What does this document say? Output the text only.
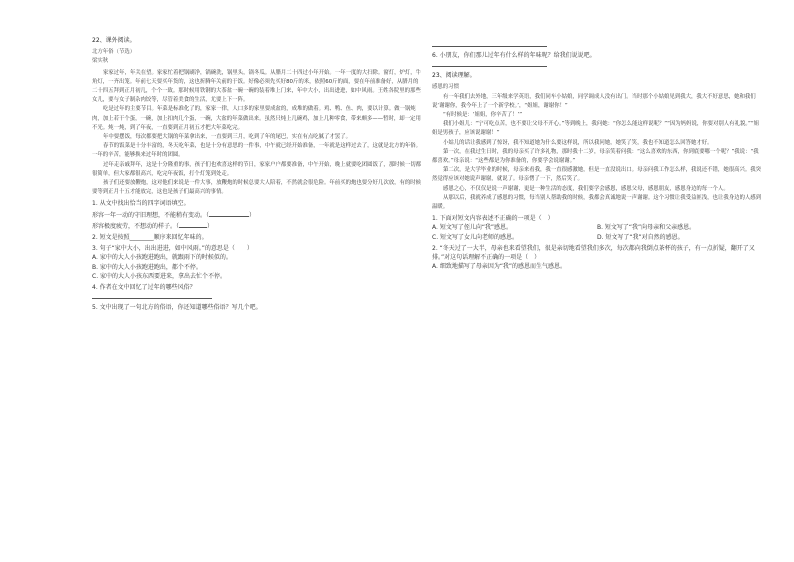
22、课外阅读。

北方年俗（节选）

梁实秋

家家过年，年关在望。家家忙着把锅刷净，锅碗洗，锅里头，锅冬瓜。从腊月二十四过小年开始。一年一度的大扫除。窗灯，炉灯，牛角灯，一齐出笼。年前七天要买年货的，这也折腾年关前的于饭。好像必须先买好80斤的米，依照60斤的面，要在年前准备好，从腊月的二十四五拜到正月初几，个个一致。那时候用铁钢的大茶盆一碗一碗的装着堆上门来，年中大小，出出进进，如中风雨。王姓各院里的那些女儿，要与女子制杂肉饺等，尽管着美食的生活，尤要上下一阵。

吃是过年的主要节目。年菜是标准化了的，家家一律，人口多的家里要成盆的，成堆的做着。鸡、鸭、鱼、肉，要以计算。做一锅炖肉，加上若干个蛋，一碗，加上扣肉几个蛋，一碗，大盆的年菜做出来。虽然只炖上几碗鸡，加上几种零食，带来颇多——暂时，却一定用不光。炖一炖，到了年夜，一直要到正月初五才把大年菜吃完。

年中要摆饭，每次都要把大锅的年菜拿出来，一直要到三月，吃到了年的尾巴，实在有点吃腻了才罢了。

春节的饭菜是十分丰富的，冬天吃年菜，也是十分有意思的一件事，中午就已经开始准备，一年就是这样过去了，这就是北方的年俗。一年的辛苦，能够换来过年时的团圆。

过年走亲戚拜年，这是十分隆重的事，孩子们也欢喜这样的节日，家家户户都要准备，中午开始，晚上就要吃团圆饭了，那时候一切都很简单，但大家都很高兴，吃完年夜饭，打个灯笼到处走。

孩子们还要放鞭炮，这对他们来说是一件大事，放鞭炮的时候总要大人陪着，不然就会很危险。年前买的炮也要分好几次放，有的时候要等到正月十五才能放完，这也是孩子们最高兴的事情。

1. 从文中找出恰当的四字词语填空。

形容一年一动的守旧理想，不能稍有变动。（	）

形容极度疲劳，不想动的样子。（	）

2. 短文是按照________顺序来回忆年味的。

3. 句子“家中大小，出出进进，如中风雨。”的意思是（　　）

A. 家中的大人小孩跑进跑出，就跟雨下的时候似的。

B. 家中的大人小孩跑进跑出，都个不停。

C. 家中的大人小孩东西要进来，拿出去忙个不停。

4. 作者在文中回忆了过年的哪些风俗？

5. 文中出现了一句北方的俗语，你还知道哪些俗语？写几个吧。

6. 小朋友，你们那儿过年有什么样的年味呢？给我们说说吧。

23、阅读理解。

感恩的习惯

有一年我们去外地，三年级来学英语，我们同车小姑娘，同学调成人没有出门。当时那个小姑娘见到我大，我大不好意思，她和我们说‘谢谢你，我今年上了一个新学校。’，“姐姐，谢谢你！”

“有时候是：‘姐姐，你辛苦了！’”

我们小姐儿：“宁可吃点苦，也不要让父母不开心。”等到晚上，我问她：“你怎么能这样说呢？”“因为妈妈说，你要对别人有礼貌。”“姐姐是男孩子，应该说谢谢！”

小姑儿的话让我感到了惊讶，我不知道她为什么要这样说，所以我问她，她笑了笑，我也不知道怎么回答她才好。

第一次，在我过生日时，我的母亲买了许多礼物，那时我十二岁，母亲笑着问我：“这么喜欢的东西，你到底要哪一个呢？”我说：“我都喜欢。”母亲说：“这些都是为你准备的，你要学会说谢谢。”

第二次，是大学毕业的时候，母亲来看我，我一直很感激她，但是一直没说出口。母亲问我工作怎么样，我说还不错，她很高兴。我突然觉得应该对她说声谢谢，就说了。母亲愣了一下，然后笑了。

感恩之心，不仅仅是说一声谢谢，更是一种生活的态度，我们要学会感恩，感恩父母，感恩朋友，感恩身边的每一个人。

从那以后，我就养成了感恩的习惯，每当别人帮助我的时候，我都会真诚地说一声谢谢。这个习惯让我受益匪浅，也让我身边的人感到温暖。

1. 下面对短文内容表述不正确的一项是（　）

A. 短文写了侄儿向“我”感恩。	B. 短文写了“我”向母亲和父亲感恩。
C. 短文写了女儿向老师的感恩。	D. 短文写了“我”对自然的感恩。

2. “冬天过了一大半，母亲也来看望我们，很是亲切地看望我们多次，每次都向我倒点茶杯的孩子，有一点折疑，翻开了又排。”对这句话理解不正确的一项是（　）

A. 细致地描写了母亲因为“我”的感恩而生气感恩。
